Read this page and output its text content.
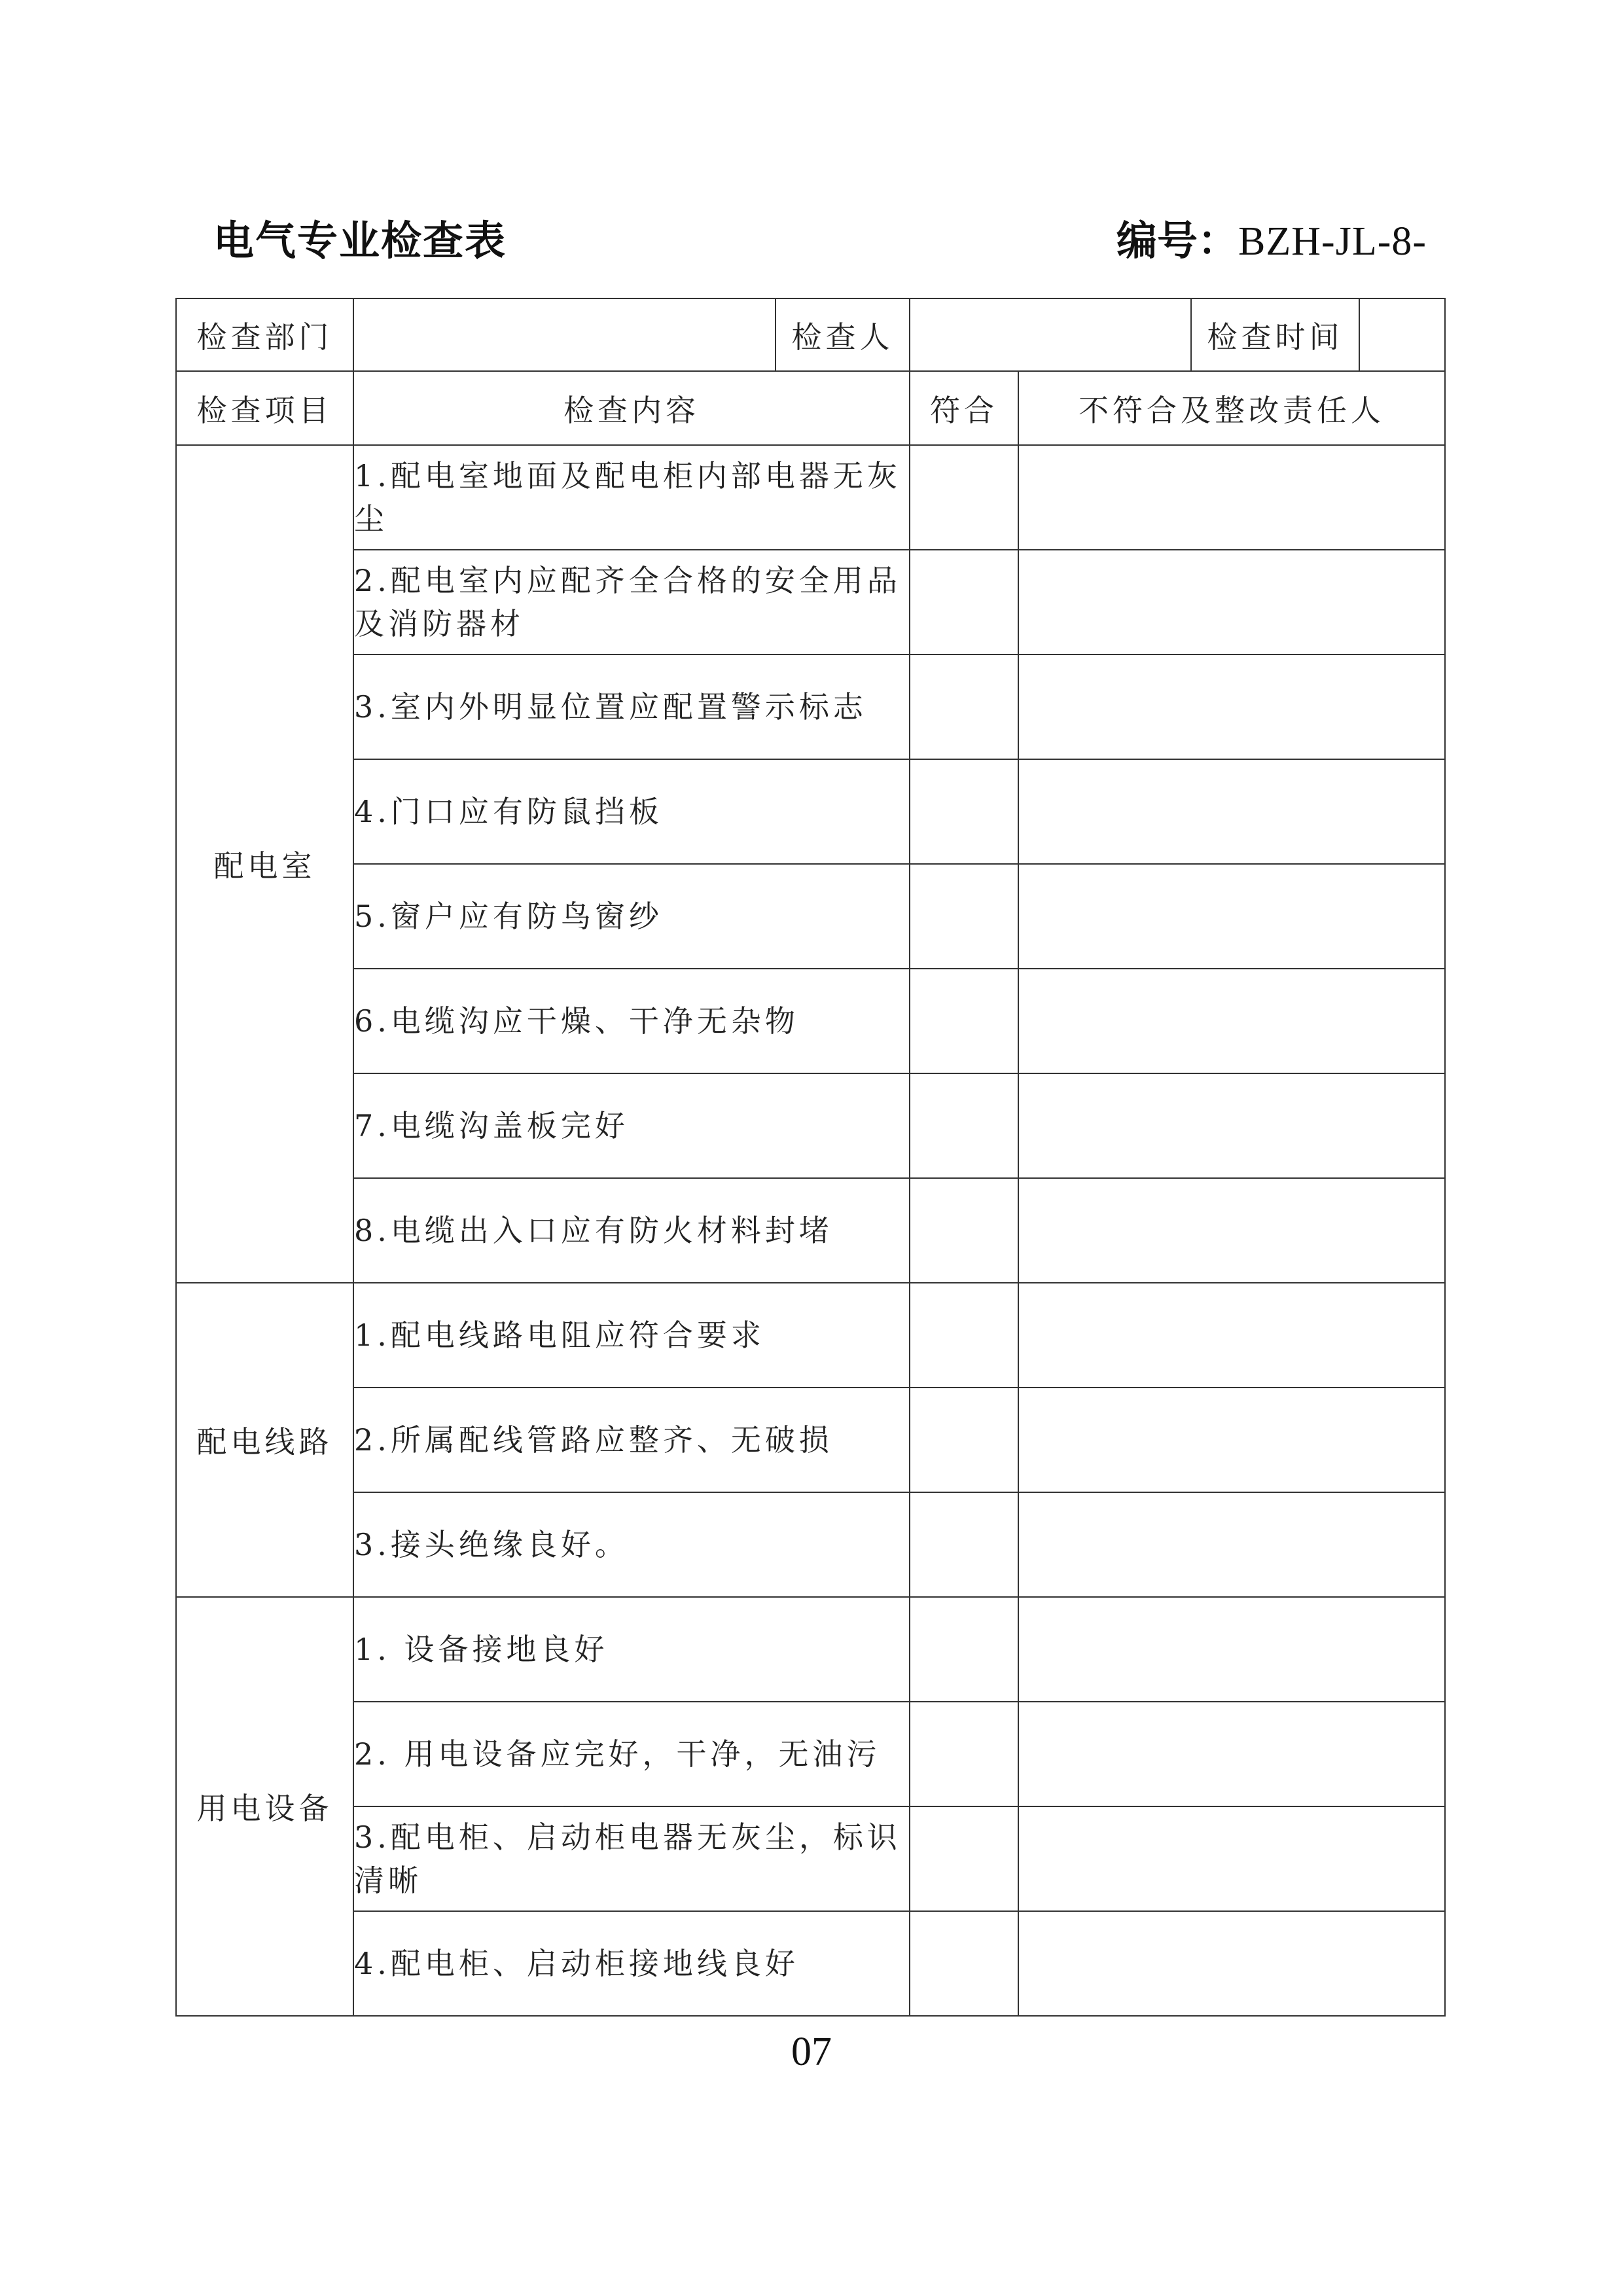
电气专业检查表	编号：BZH-JL-8-
检查部门		检查人			检查时间

检查项目	检查内容		符合	不符合及整改责任人	
配电室	1.配电室地面及配电柜内部电器无灰尘				
	2.配电室内应配齐全合格的安全用品及消防器材				
	3.室内外明显位置应配置警示标志				
	4.门口应有防鼠挡板				
	5.窗户应有防鸟窗纱				
	6.电缆沟应干燥、干净无杂物				
	7.电缆沟盖板完好				
	8.电缆出入口应有防火材料封堵				
配电线路	1.配电线路电阻应符合要求				
	2.所属配线管路应整齐、无破损				
	3.接头绝缘良好。				
用电设备	1. 设备接地良好				
	2. 用电设备应完好，干净，无油污				
	3.配电柜、启动柜电器无灰尘，标识清晰				
	4.配电柜、启动柜接地线良好				
07
